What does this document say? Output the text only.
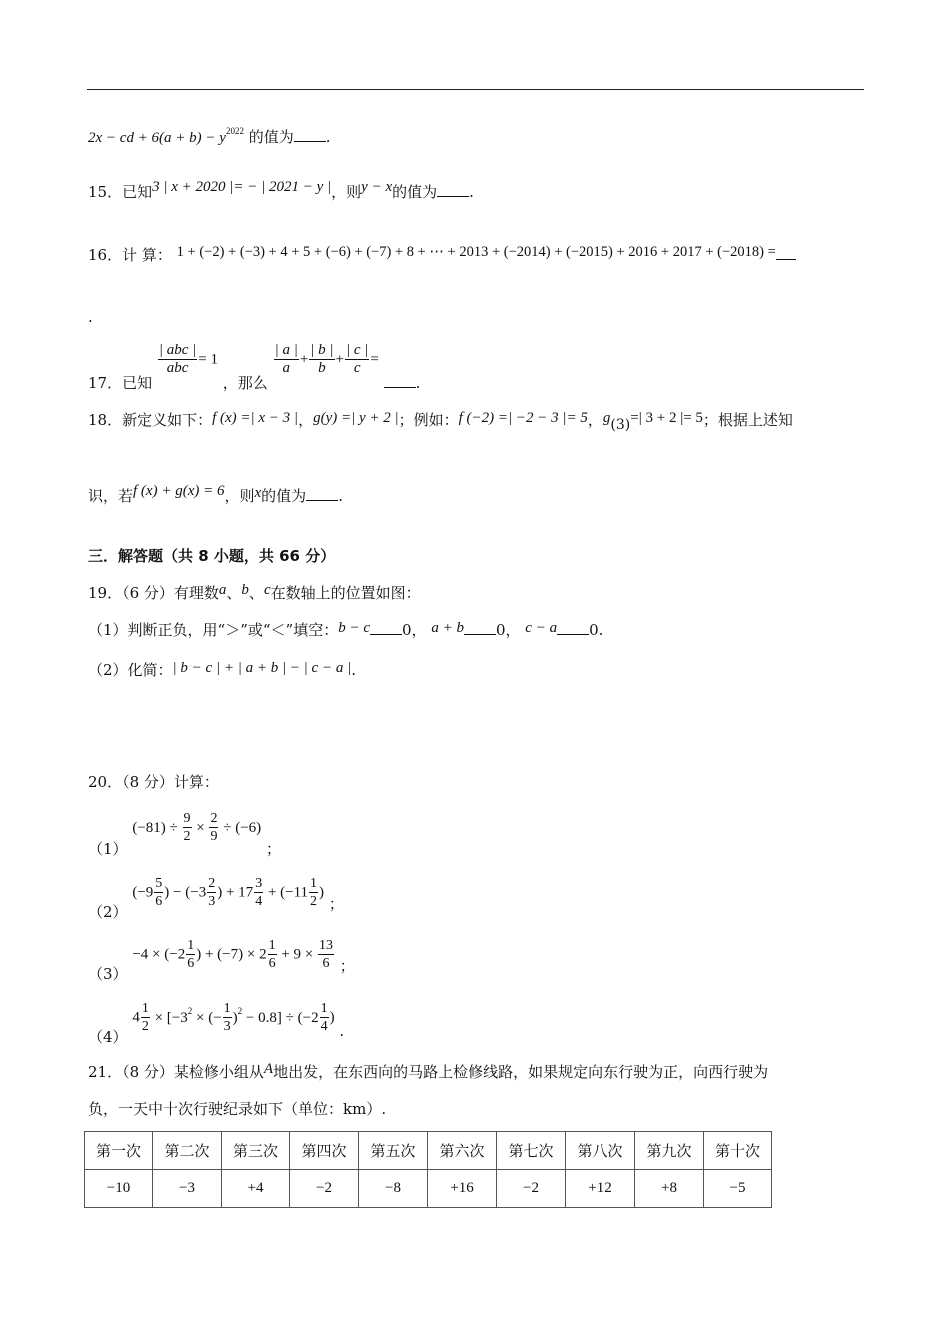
2x − cd + $6(a + b) - y^{2022}$ 的值为 .
15．已知3 | x + 2020 |= − | 2021 − y |，则y − x的值为 .
16．计 算： 1 + (−2) + (−3) + 4 + 5 + (−6) + (−7) + 8 + ⋯ + 2013 + (−2014) + (−2015) + 2016 + 2017 + (−2018) =
.
17．已知
$\frac{\text{| abc |}}{\text{abc}} = 1$ ，那么
$\frac{| a |}{a} + \frac{| b |}{b} + \frac{| c |}{c}$ = .
18．新定义如下：f (x) =| x − 3 |，g(y) =| y + 2 |；例如：f (−2) =| −2 − 3 |= 5，g(3)=| 3 + 2 |= 5；根据上述知
识，若f (x) + g(x) = 6，则x的值为 .
三．解答题（共 8 小题，共 66 分）
19．（6 分）有理数a、b、c在数轴上的位置如图：
（1）判断正负，用“＞”或“＜”填空：b − c 0， a + b 0， c − a 0.
（2）化简：| b − c | + | a + b | − | c − a |.
20．（8 分）计算：
（1） $(-81) \div \frac{9}{2} \times \frac{2}{9} \div (-6)$ ；
（2） ($-9 \frac{5}{6}$ ) − ($-3 \frac{2}{3}$ ) + $17 \frac{3}{4} + (-11 \frac{1}{2}$ ) ；
$(3) -4 \times (-2 \frac{1}{6}$ ) + $(-7) \times 2 \frac{1}{6} + 9 \times \frac{13}{6}$ ；
（4） $4 \frac{1}{2} \times [-3^2$ × (− $\frac{1}{3} )^2 - 0.8] \div (-2 \frac{1}{4}$ ) .
21．（8 分）某检修小组从A地出发，在东西向的马路上检修线路，如果规定向东行驶为正，向西行驶为
负，一天中十次行驶纪录如下（单位：km）.
第一次	第二次	第三次	第四次	第五次	第六次	第七次	第八次	第九次	第十次
−10	−3	+4	−2	−8	+16	−2	+12	+8	−5
